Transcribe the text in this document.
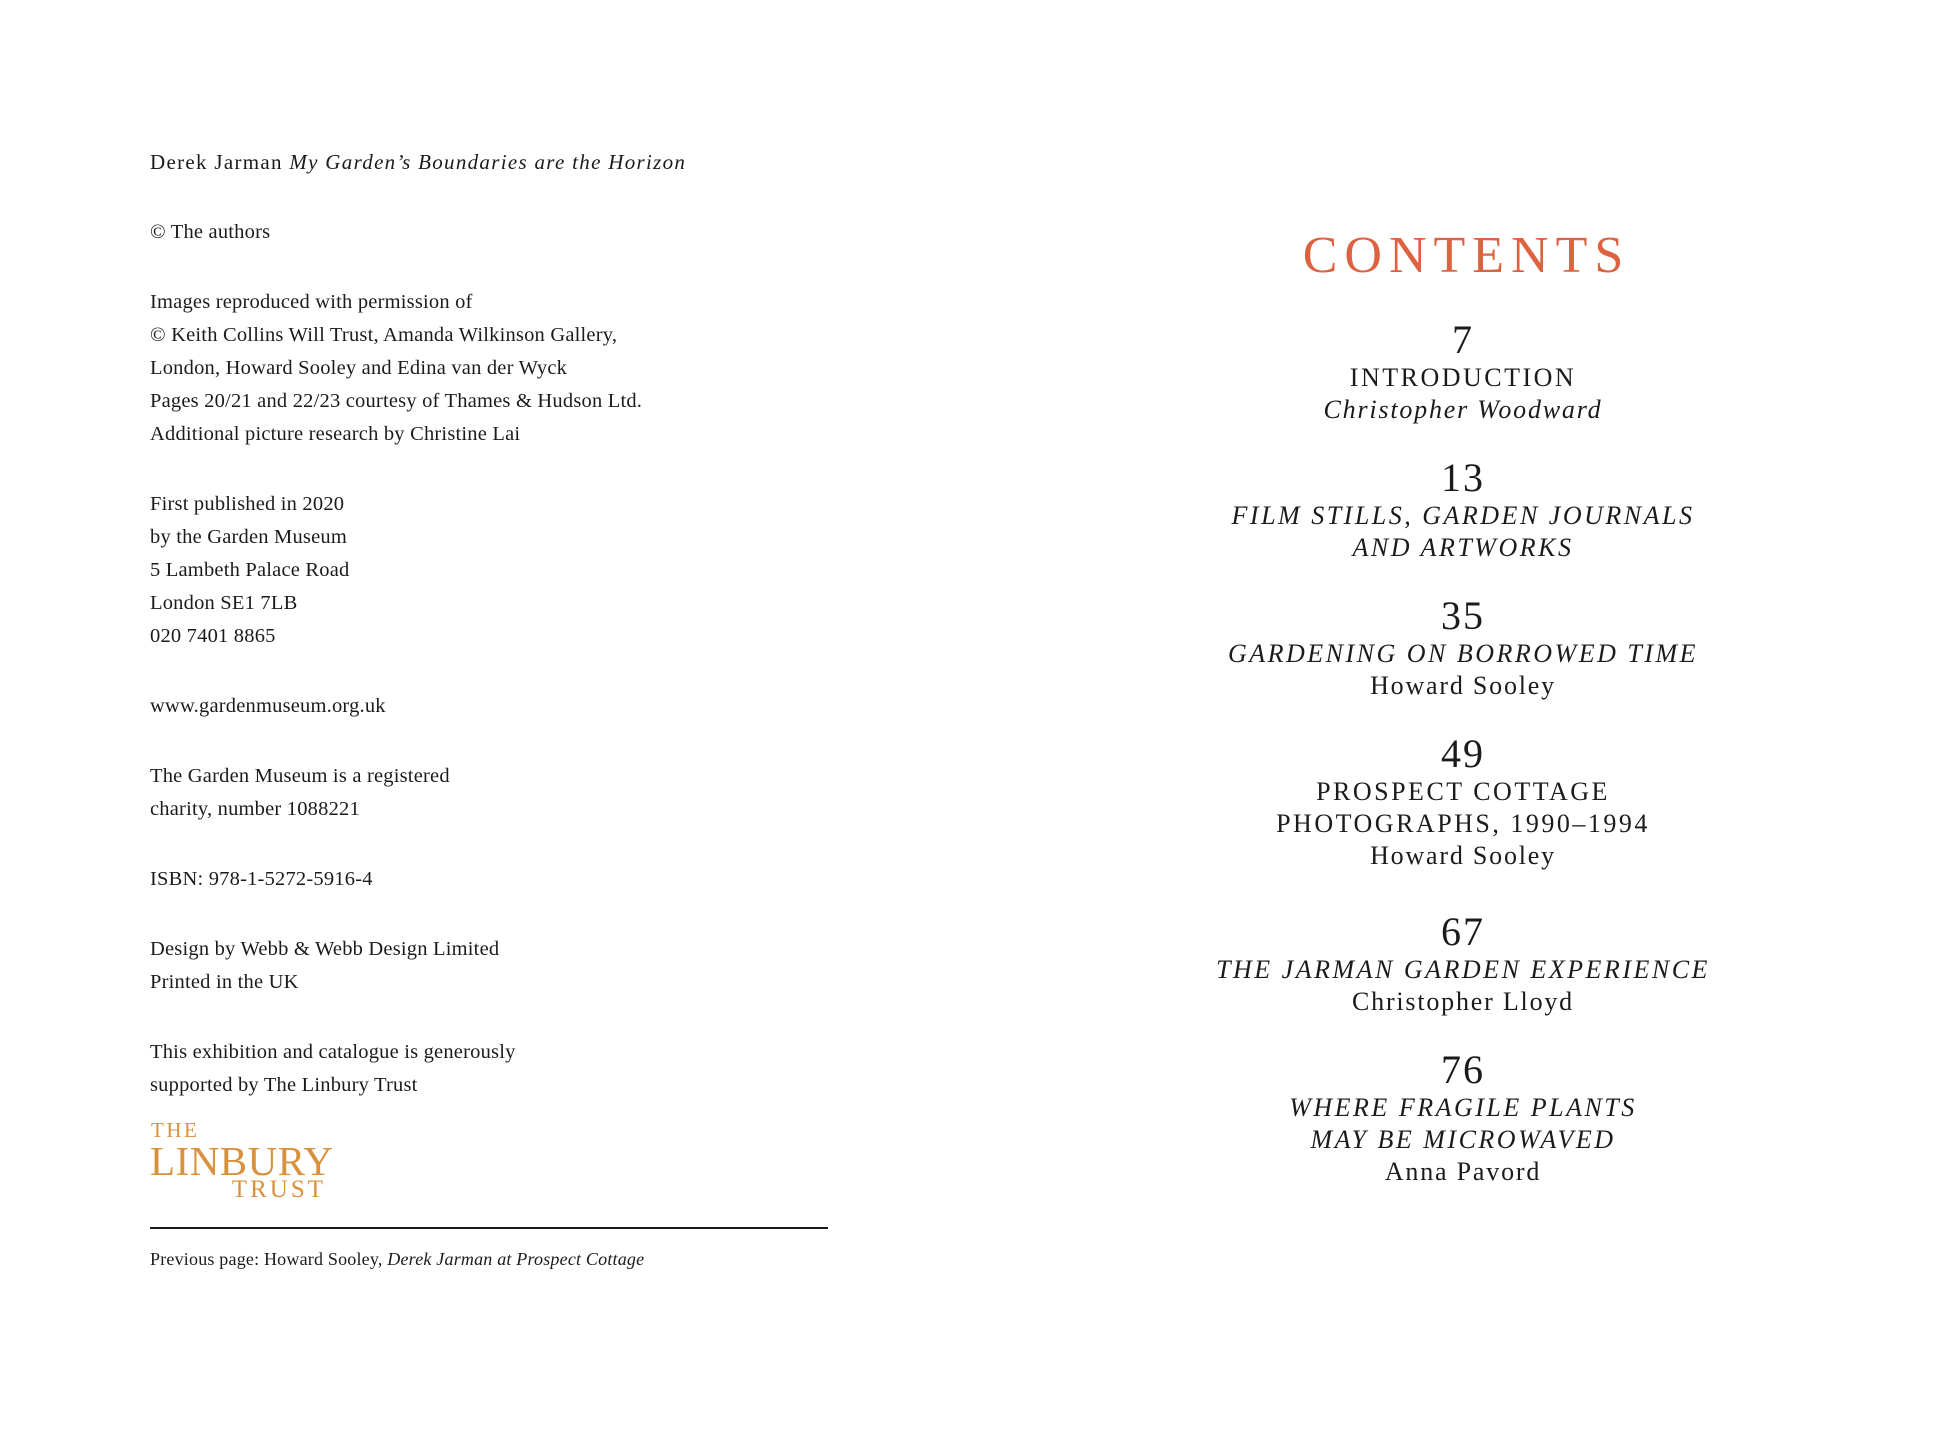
Derek Jarman My Garden’s Boundaries are the Horizon
© The authors
Images reproduced with permission of
© Keith Collins Will Trust, Amanda Wilkinson Gallery,
London, Howard Sooley and Edina van der Wyck
Pages 20/21 and 22/23 courtesy of Thames & Hudson Ltd.
Additional picture research by Christine Lai
First published in 2020
by the Garden Museum
5 Lambeth Palace Road
London SE1 7LB
020 7401 8865
www.gardenmuseum.org.uk
The Garden Museum is a registered
charity, number 1088221
ISBN: 978-1-5272-5916-4
Design by Webb & Webb Design Limited
Printed in the UK
This exhibition and catalogue is generously
supported by The Linbury Trust
THE
LINBURY
TRUST
Previous page: Howard Sooley, Derek Jarman at Prospect Cottage
CONTENTS
7
INTRODUCTION
Christopher Woodward
13
FILM STILLS, GARDEN JOURNALS
AND ARTWORKS
35
GARDENING ON BORROWED TIME
Howard Sooley
49
PROSPECT COTTAGE
PHOTOGRAPHS, 1990–1994
Howard Sooley
67
THE JARMAN GARDEN EXPERIENCE
Christopher Lloyd
76
WHERE FRAGILE PLANTS
MAY BE MICROWAVED
Anna Pavord
